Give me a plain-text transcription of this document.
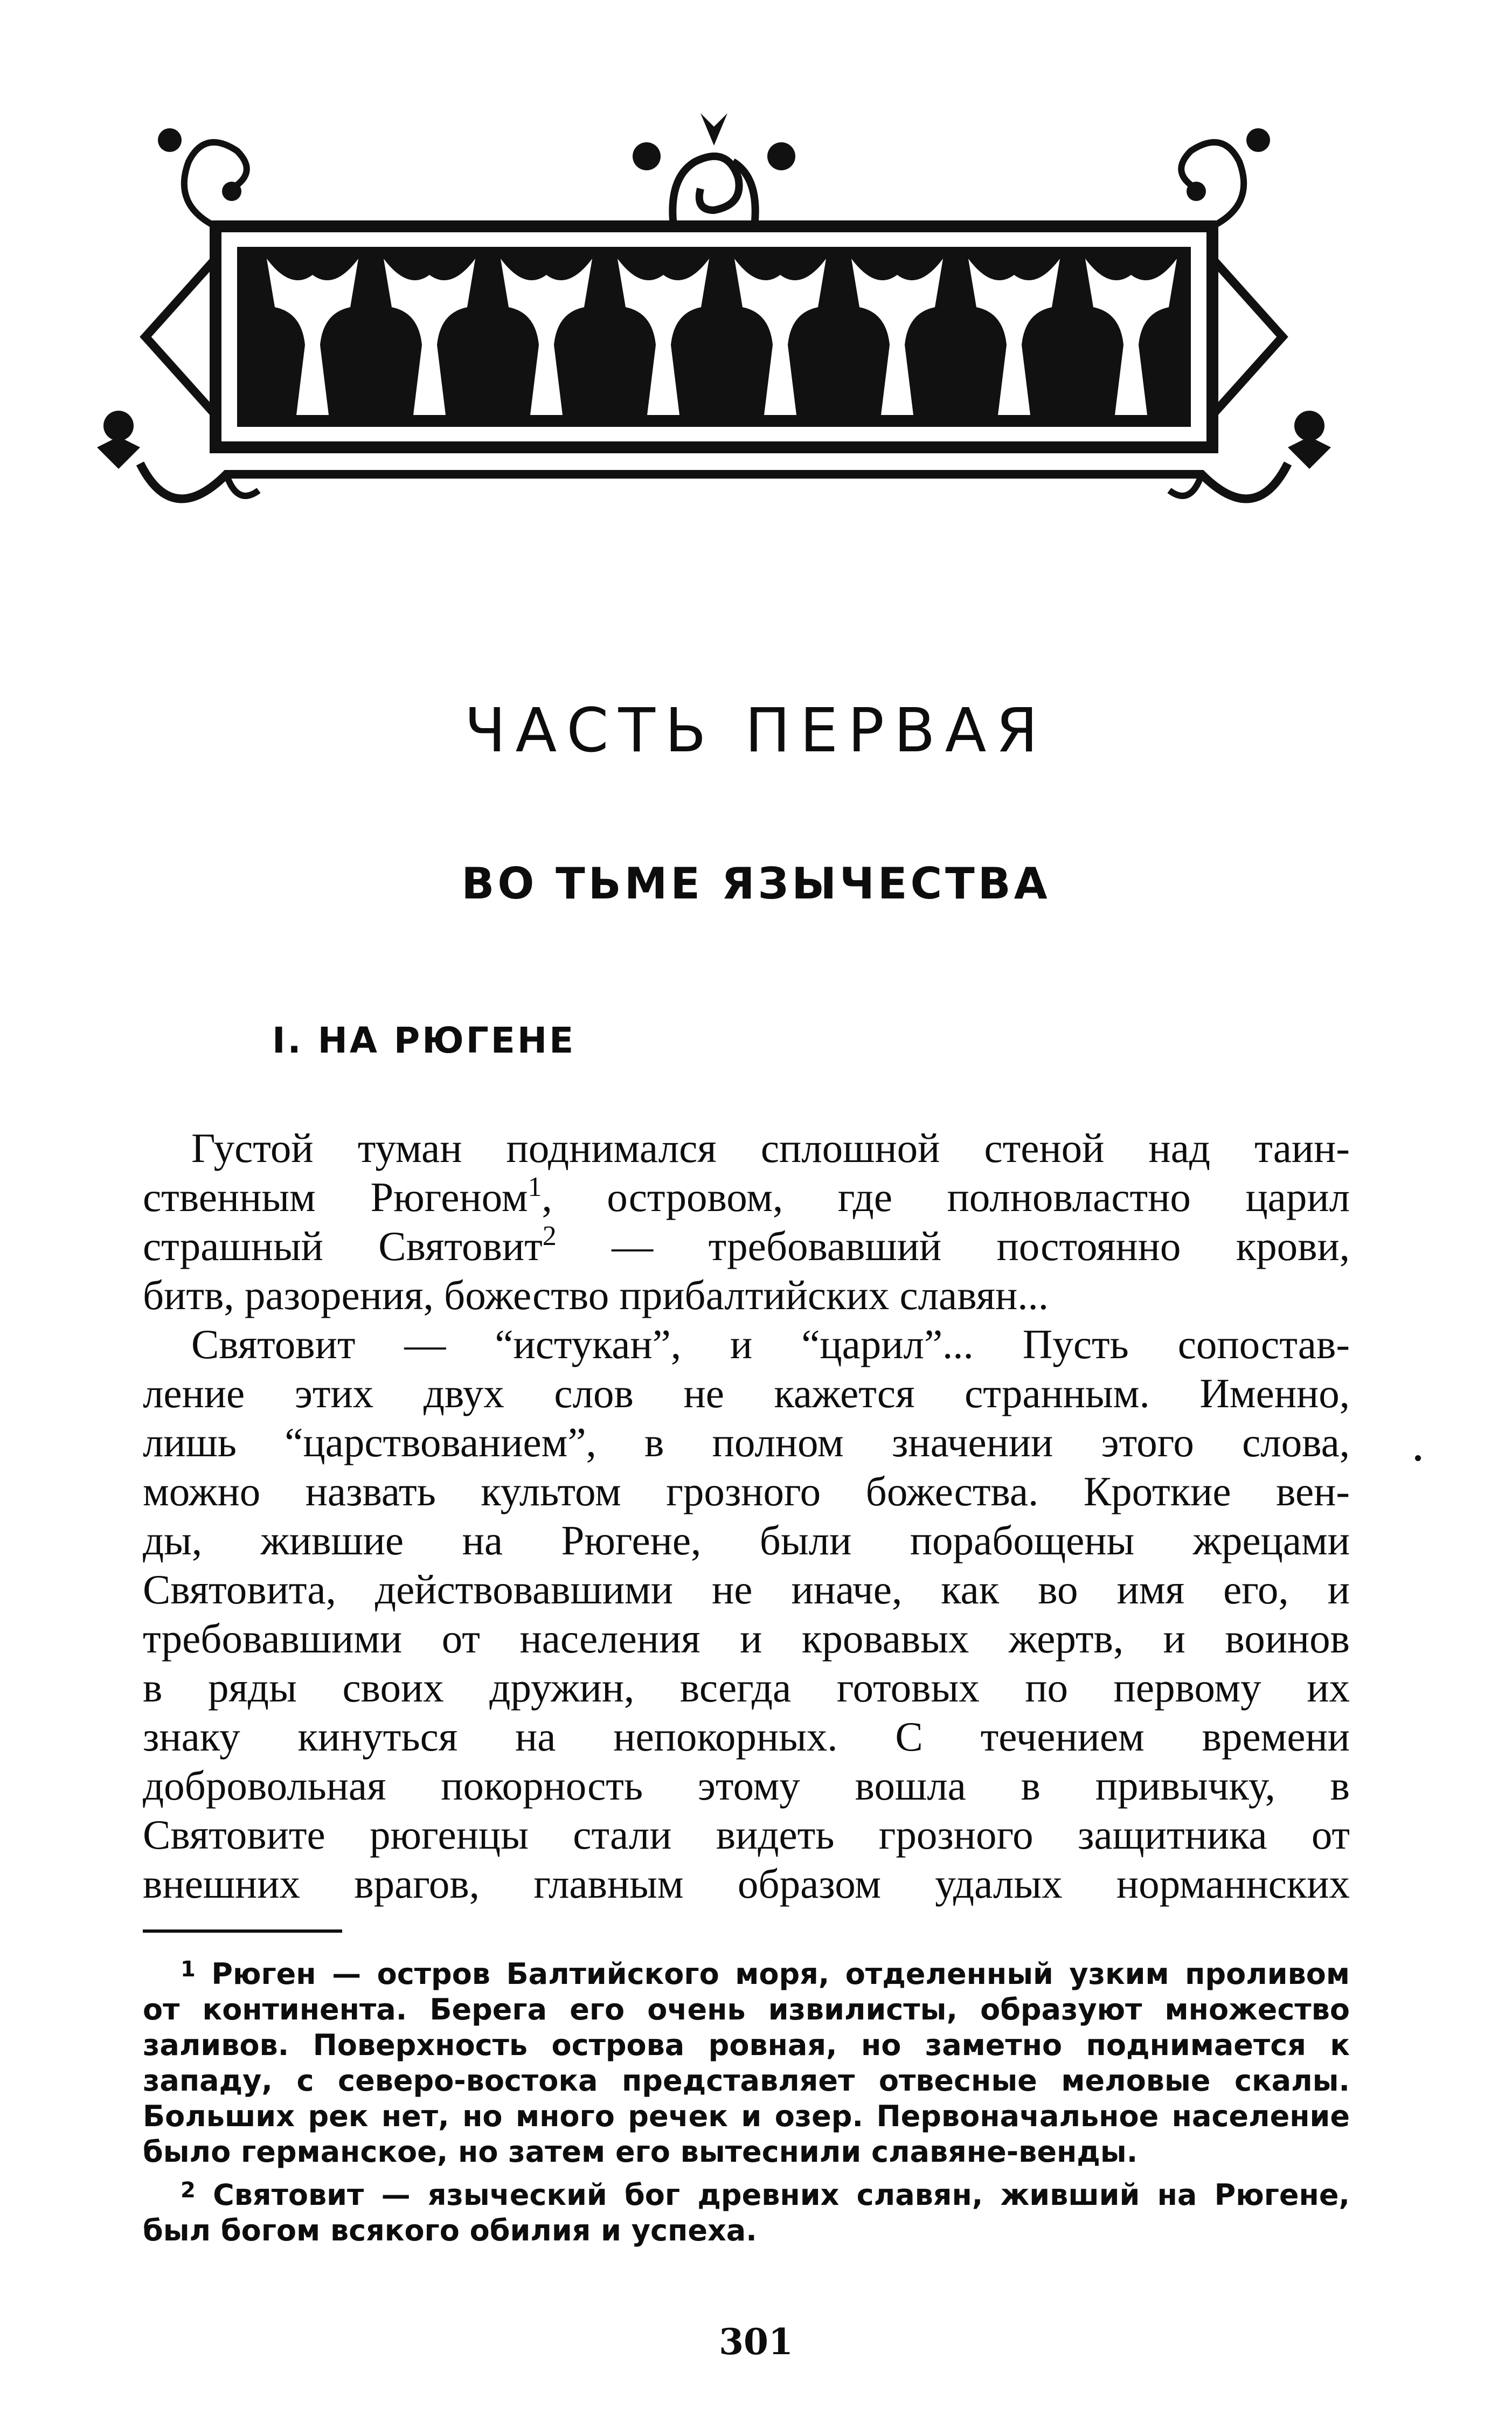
ЧАСТЬ ПЕРВАЯ
ВО ТЬМЕ ЯЗЫЧЕСТВА
I. НА РЮГЕНЕ
Густой туман поднимался сплошной стеной над таин-
ственным Рюгеном$^1$, островом, где полновластно царил
страшный Святовит$^2$ — требовавший постоянно крови,
битв, разорения, божество прибалтийских славян...
Святовит — “истукан”, и “царил”... Пусть сопостав-
ление этих двух слов не кажется странным. Именно,
лишь “царствованием”, в полном значении этого слова,
можно назвать культом грозного божества. Кроткие вен-
ды, жившие на Рюгене, были порабощены жрецами
Святовита, действовавшими не иначе, как во имя его, и
требовавшими от населения и кровавых жертв, и воинов
в ряды своих дружин, всегда готовых по первому их
знаку кинуться на непокорных. С течением времени
добровольная покорность этому вошла в привычку, в
Святовите рюгенцы стали видеть грозного защитника от
внешних врагов, главным образом удалых норманнских
$^1$ Рюген — остров Балтийского моря, отделенный узким проливом
от континента. Берега его очень извилисты, образуют множество
заливов. Поверхность острова ровная, но заметно поднимается к
западу, с северо-востока представляет отвесные меловые скалы.
Больших рек нет, но много речек и озер. Первоначальное население
было германское, но затем его вытеснили славяне-венды.
$^2$ Святовит — языческий бог древних славян, живший на Рюгене,
был богом всякого обилия и успеха.
301
